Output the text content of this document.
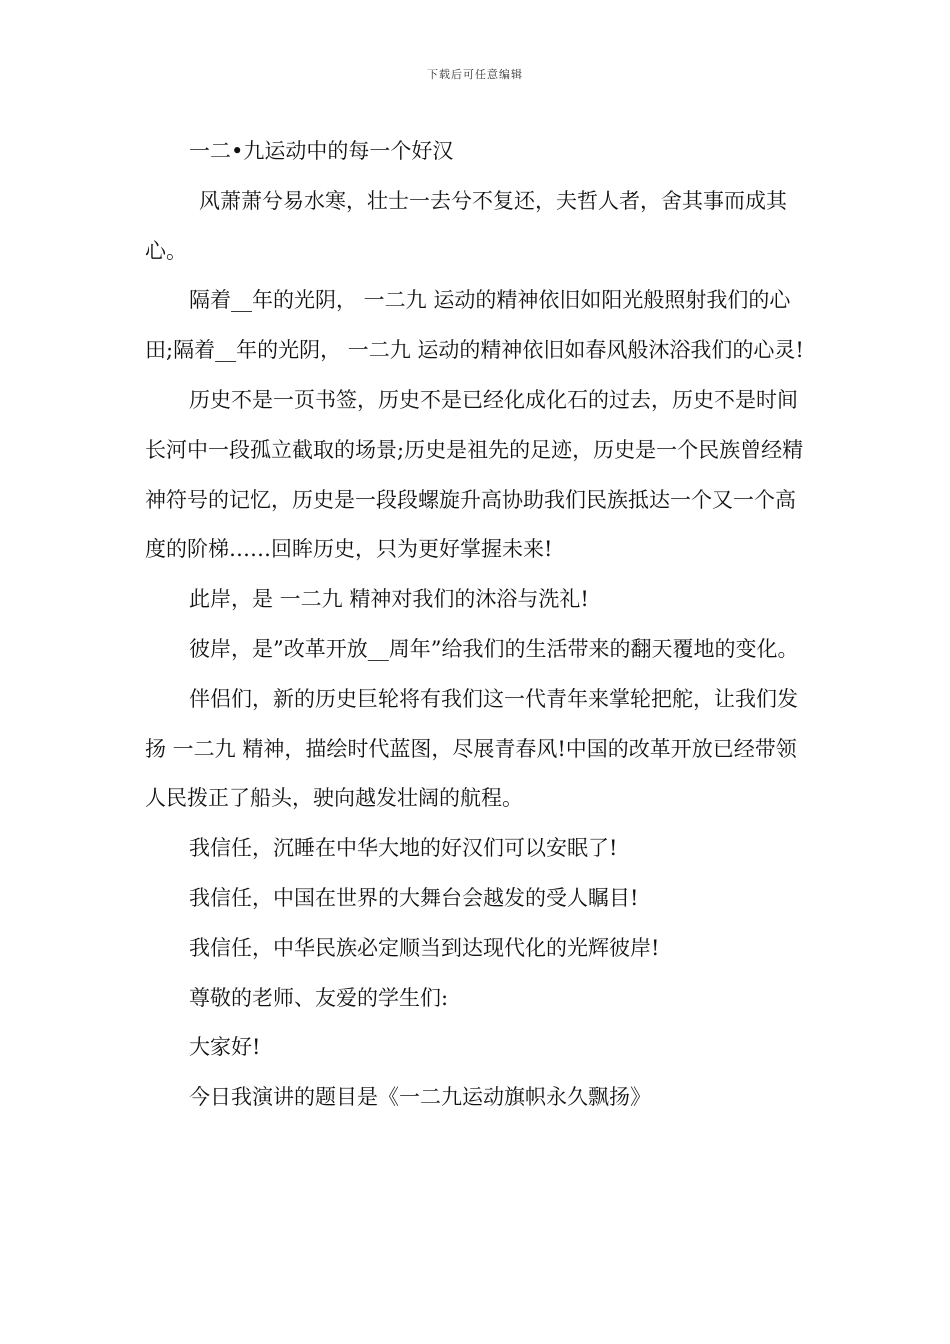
下载后可任意编辑

一二•九运动中的每一个好汉

风萧萧兮易水寒，壮士一去兮不复还，夫哲人者，舍其事而成其心。

隔着__年的光阴， 一二九 运动的精神依旧如阳光般照射我们的心田;隔着__年的光阴， 一二九 运动的精神依旧如春风般沐浴我们的心灵!

历史不是一页书签，历史不是已经化成化石的过去，历史不是时间长河中一段孤立截取的场景;历史是祖先的足迹，历史是一个民族曾经精神符号的记忆，历史是一段段螺旋升高协助我们民族抵达一个又一个高度的阶梯……回眸历史，只为更好掌握未来!

此岸，是 一二九 精神对我们的沐浴与洗礼!

彼岸，是”改革开放__周年”给我们的生活带来的翻天覆地的变化。

伴侣们，新的历史巨轮将有我们这一代青年来掌轮把舵，让我们发扬 一二九 精神，描绘时代蓝图，尽展青春风!中国的改革开放已经带领人民拨正了船头，驶向越发壮阔的航程。

我信任，沉睡在中华大地的好汉们可以安眠了!

我信任，中国在世界的大舞台会越发的受人瞩目!

我信任，中华民族必定顺当到达现代化的光辉彼岸!

尊敬的老师、友爱的学生们:

大家好!

今日我演讲的题目是《一二九运动旗帜永久飘扬》
